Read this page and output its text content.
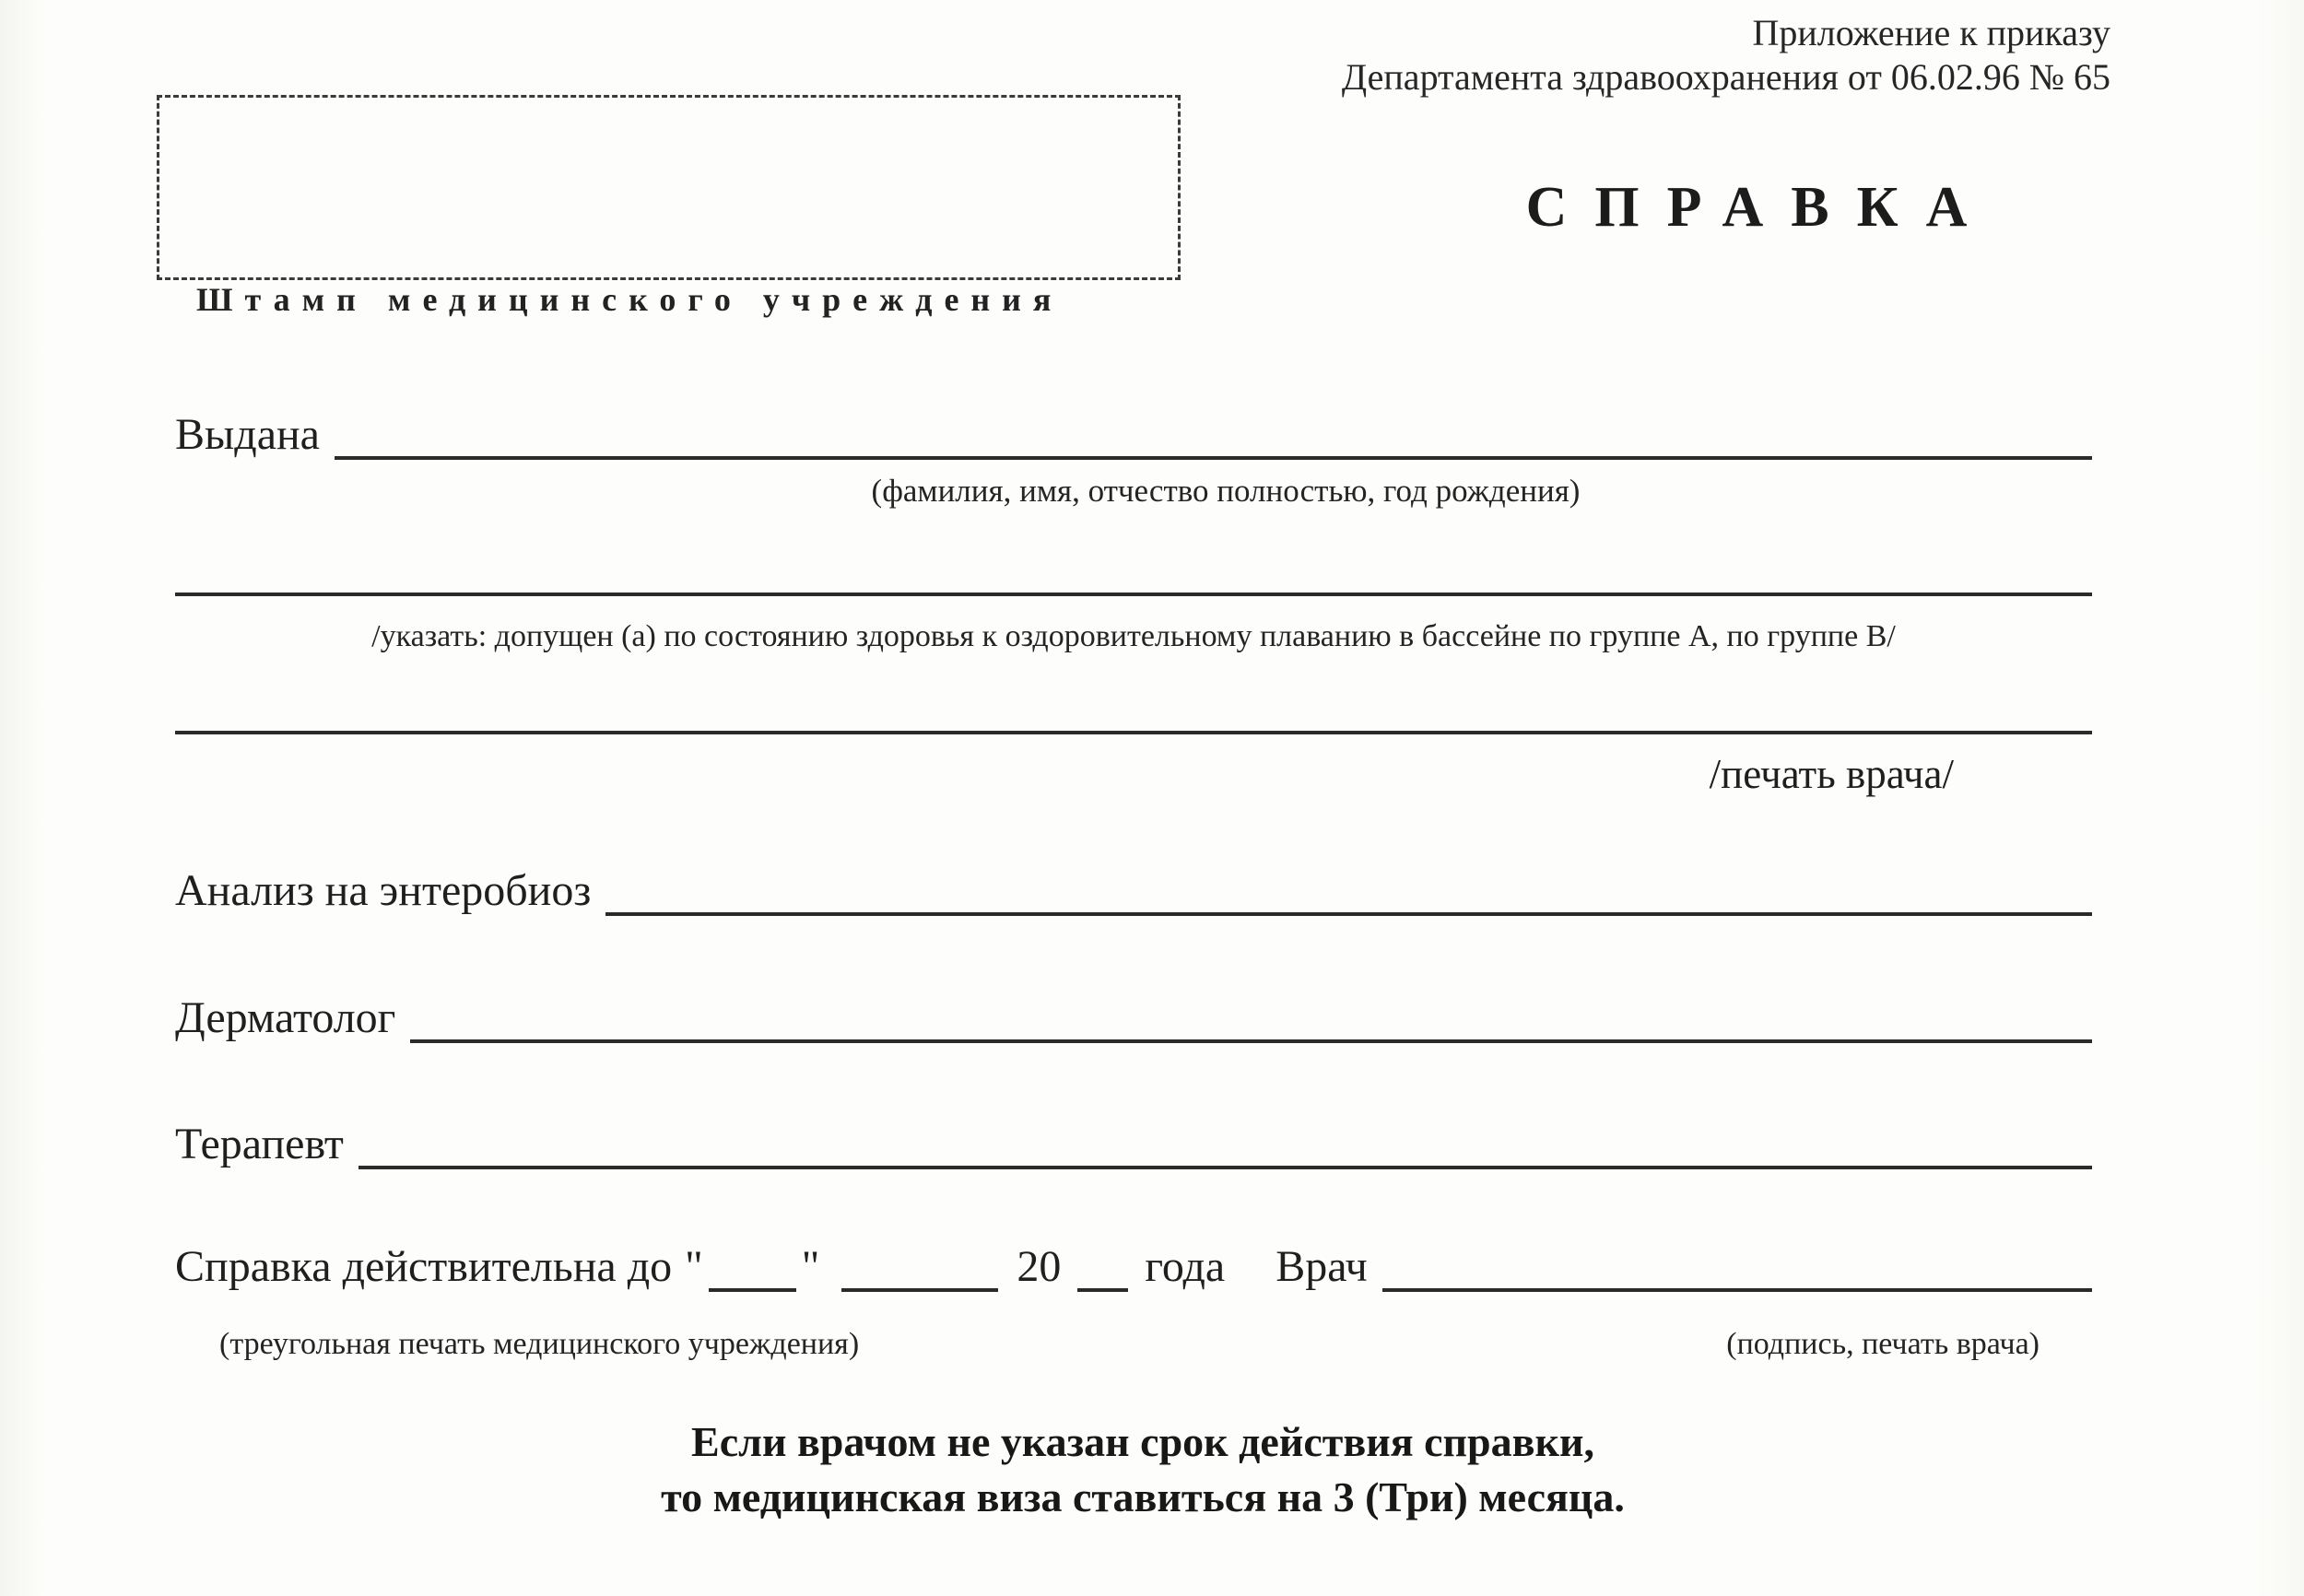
Приложение к приказу
Департамента здравоохранения от 06.02.96 № 65
Штамп медицинского учреждения
СПРАВКА
Выдана
(фамилия, имя, отчество полностью, год рождения)
/указать: допущен (а) по состоянию здоровья к оздоровительному плаванию в бассейне по группе А, по группе В/
/печать врача/
Анализ на энтеробиоз
Дерматолог
Терапевт
Справка действительна до " "	20 года Врач
(треугольная печать медицинского учреждения)	(подпись, печать врача)
Если врачом не указан срок действия справки,
то медицинская виза ставиться на 3 (Три) месяца.
